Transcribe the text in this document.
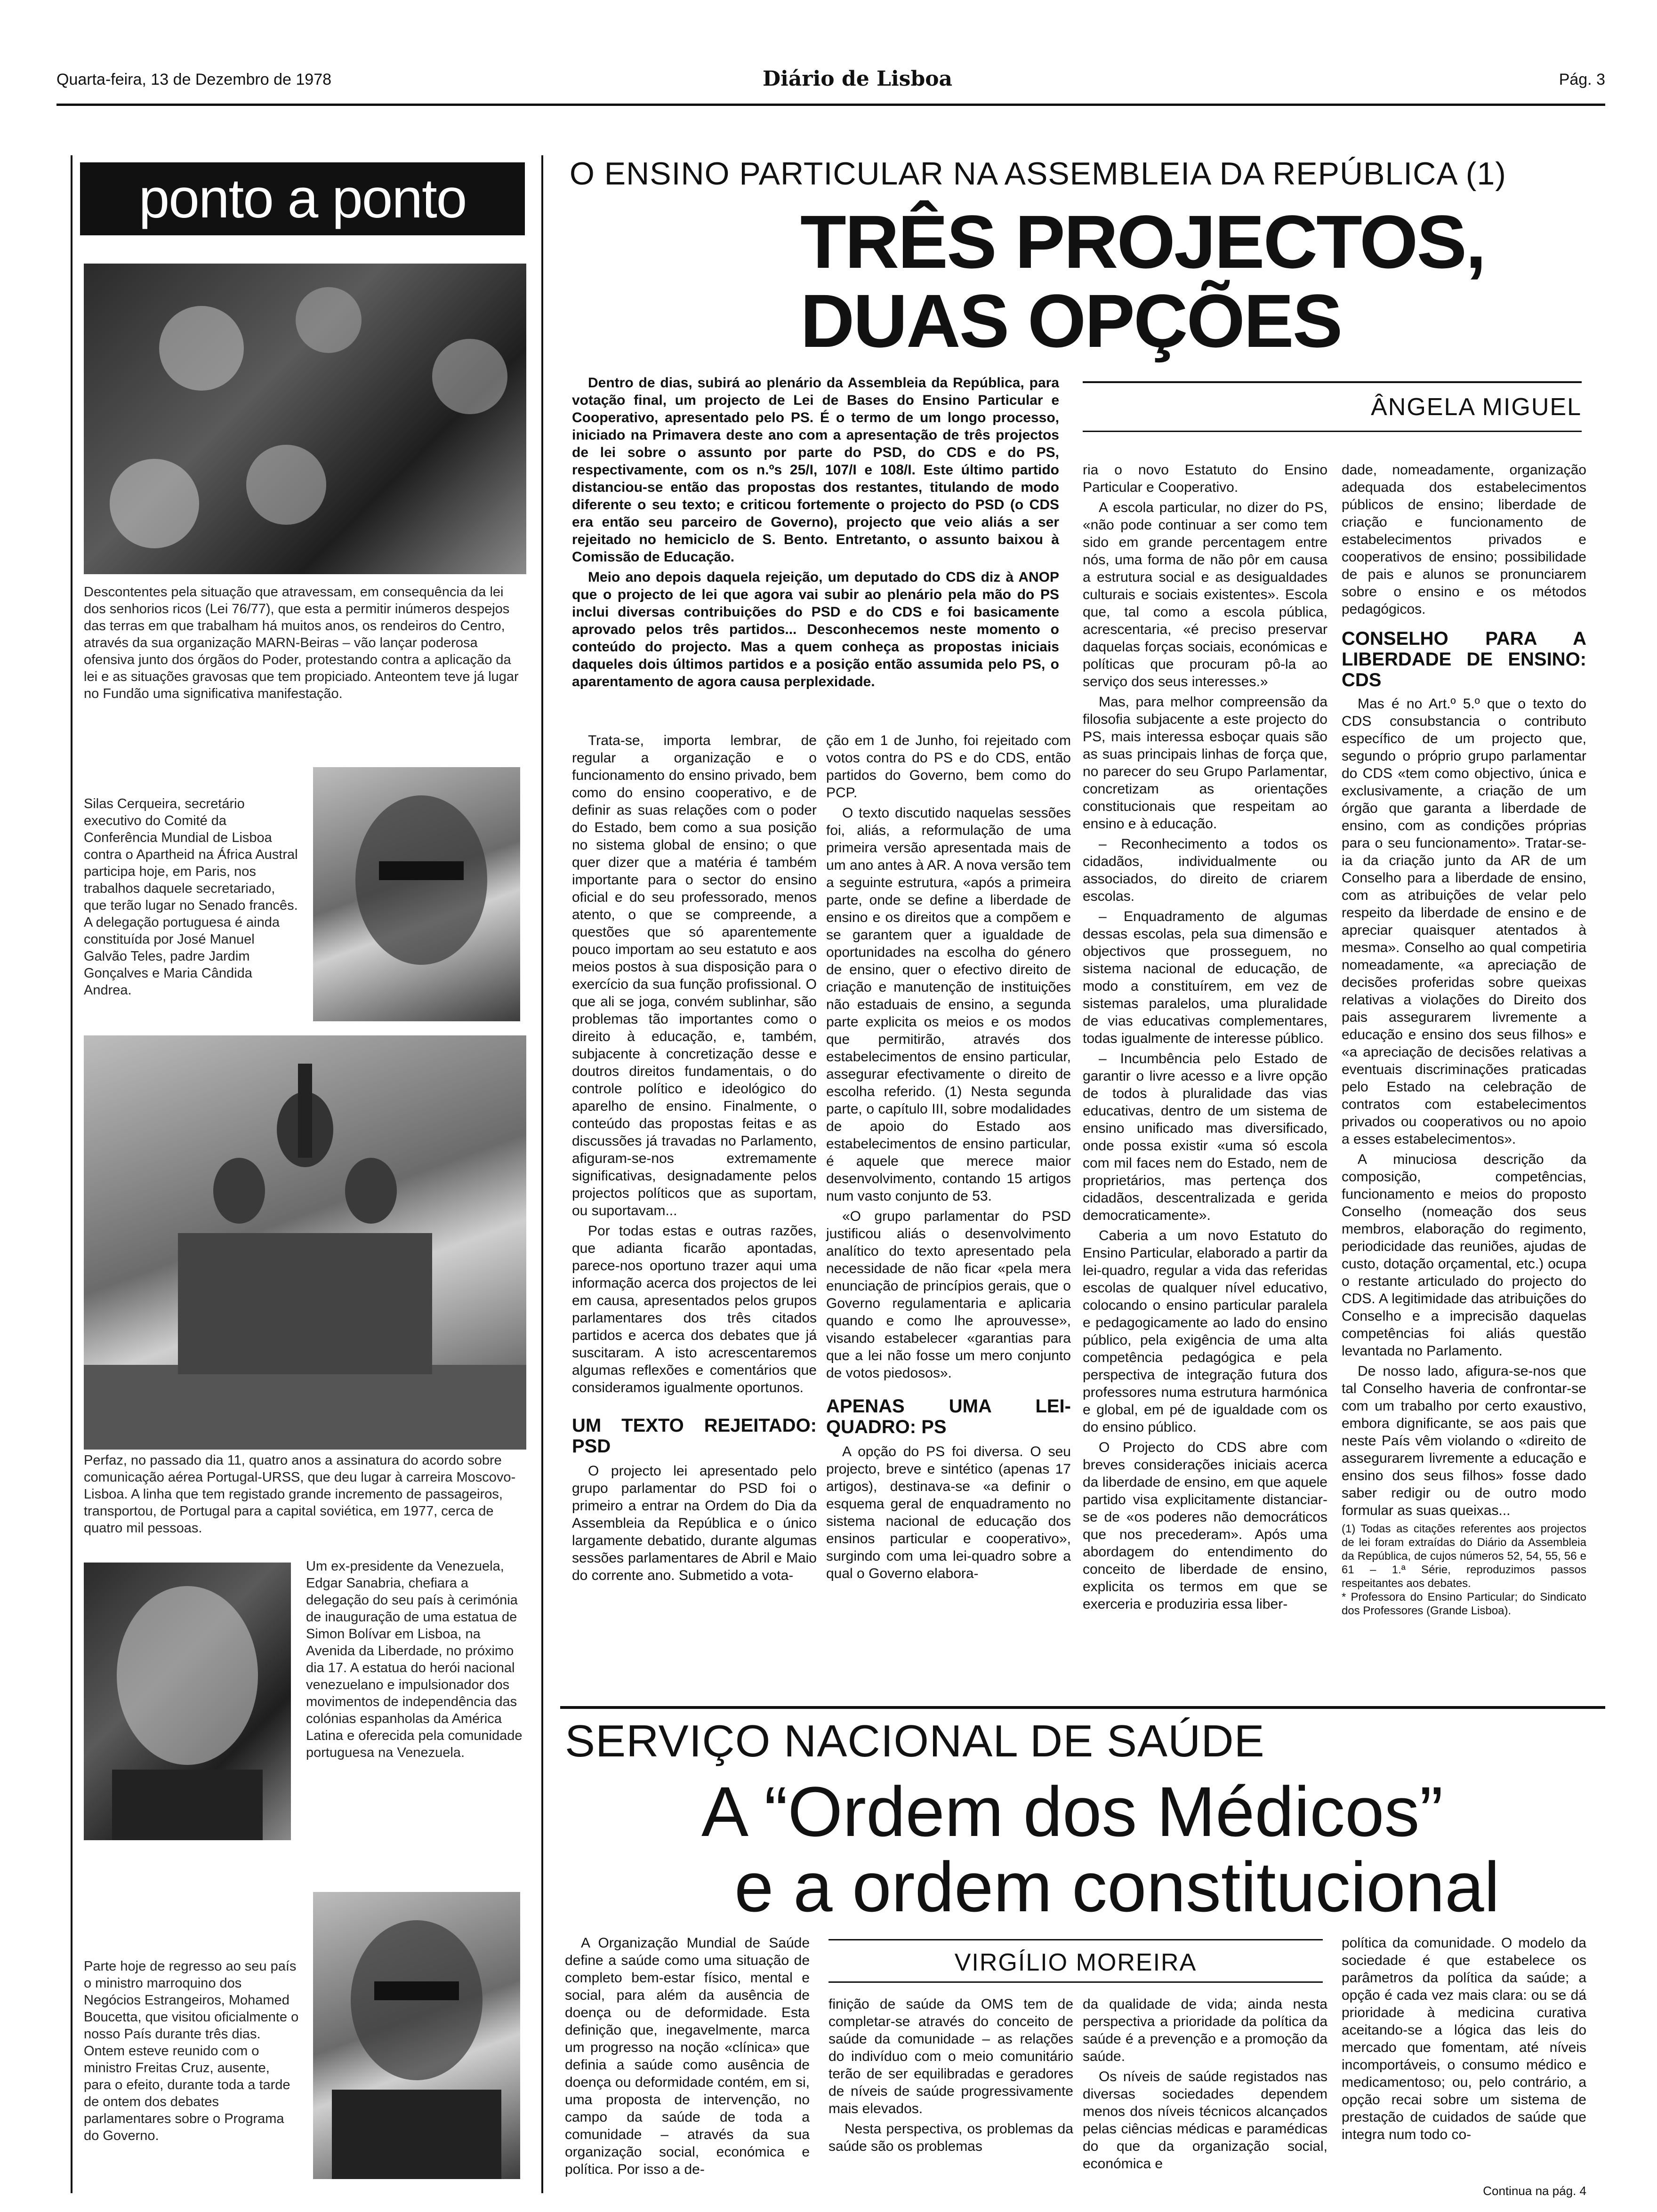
Quarta-feira, 13 de Dezembro de 1978	Diário de Lisboa	Pág. 3
ponto a ponto
Descontentes pela situação que atravessam, em consequência da lei dos senhorios ricos (Lei 76/77), que esta a permitir inúmeros despejos das terras em que trabalham há muitos anos, os rendeiros do Centro, através da sua organização MARN-Beiras – vão lançar poderosa ofensiva junto dos órgãos do Poder, protestando contra a aplicação da lei e as situações gravosas que tem propiciado. Anteontem teve já lugar no Fundão uma significativa manifestação.
Silas Cerqueira, secretário executivo do Comité da Conferência Mundial de Lisboa contra o Apartheid na África Austral participa hoje, em Paris, nos trabalhos daquele secretariado, que terão lugar no Senado francês. A delegação portuguesa é ainda constituída por José Manuel Galvão Teles, padre Jardim Gonçalves e Maria Cândida Andrea.
Perfaz, no passado dia 11, quatro anos a assinatura do acordo sobre comunicação aérea Portugal-URSS, que deu lugar à carreira Moscovo-Lisboa. A linha que tem registado grande incremento de passageiros, transportou, de Portugal para a capital soviética, em 1977, cerca de quatro mil pessoas.
Um ex-presidente da Venezuela, Edgar Sanabria, chefiara a delegação do seu país à cerimónia de inauguração de uma estatua de Simon Bolívar em Lisboa, na Avenida da Liberdade, no próximo dia 17. A estatua do herói nacional venezuelano e impulsionador dos movimentos de independência das colónias espanholas da América Latina e oferecida pela comunidade portuguesa na Venezuela.
Parte hoje de regresso ao seu país o ministro marroquino dos Negócios Estrangeiros, Mohamed Boucetta, que visitou oficialmente o nosso País durante três dias. Ontem esteve reunido com o ministro Freitas Cruz, ausente, para o efeito, durante toda a tarde de ontem dos debates parlamentares sobre o Programa do Governo.
O ENSINO PARTICULAR NA ASSEMBLEIA DA REPÚBLICA (1)
TRÊS PROJECTOS,
DUAS OPÇÕES

Dentro de dias, subirá ao plenário da Assembleia da República, para votação final, um projecto de Lei de Bases do Ensino Particular e Cooperativo, apresentado pelo PS. É o termo de um longo processo, iniciado na Primavera deste ano com a apresentação de três projectos de lei sobre o assunto por parte do PSD, do CDS e do PS, respectivamente, com os n.ºs 25/I, 107/I e 108/I. Este último partido distanciou-se então das propostas dos restantes, titulando de modo diferente o seu texto; e criticou fortemente o projecto do PSD (o CDS era então seu parceiro de Governo), projecto que veio aliás a ser rejeitado no hemiciclo de S. Bento. Entretanto, o assunto baixou à Comissão de Educação.

Meio ano depois daquela rejeição, um deputado do CDS diz à ANOP que o projecto de lei que agora vai subir ao plenário pela mão do PS inclui diversas contribuições do PSD e do CDS e foi basicamente aprovado pelos três partidos... Desconhecemos neste momento o conteúdo do projecto. Mas a quem conheça as propostas iniciais daqueles dois últimos partidos e a posição então assumida pelo PS, o aparentamento de agora causa perplexidade.

ÂNGELA MIGUEL

Trata-se, importa lembrar, de regular a organização e o funcionamento do ensino privado, bem como do ensino cooperativo, e de definir as suas relações com o poder do Estado, bem como a sua posição no sistema global de ensino; o que quer dizer que a matéria é também importante para o sector do ensino oficial e do seu professorado, menos atento, o que se compreende, a questões que só aparentemente pouco importam ao seu estatuto e aos meios postos à sua disposição para o exercício da sua função profissional. O que ali se joga, convém sublinhar, são problemas tão importantes como o direito à educação, e, também, subjacente à concretização desse e doutros direitos fundamentais, o do controle político e ideológico do aparelho de ensino. Finalmente, o conteúdo das propostas feitas e as discussões já travadas no Parlamento, afiguram-se-nos extremamente significativas, designadamente pelos projectos políticos que as suportam, ou suportavam...

Por todas estas e outras razões, que adianta ficarão apontadas, parece-nos oportuno trazer aqui uma informação acerca dos projectos de lei em causa, apresentados pelos grupos parlamentares dos três citados partidos e acerca dos debates que já suscitaram. A isto acrescentaremos algumas reflexões e comentários que consideramos igualmente oportunos.

UM TEXTO REJEITADO: PSD

O projecto lei apresentado pelo grupo parlamentar do PSD foi o primeiro a entrar na Ordem do Dia da Assembleia da República e o único largamente debatido, durante algumas sessões parlamentares de Abril e Maio do corrente ano. Submetido a vota-

ção em 1 de Junho, foi rejeitado com votos contra do PS e do CDS, então partidos do Governo, bem como do PCP.

O texto discutido naquelas sessões foi, aliás, a reformulação de uma primeira versão apresentada mais de um ano antes à AR. A nova versão tem a seguinte estrutura, «após a primeira parte, onde se define a liberdade de ensino e os direitos que a compõem e se garantem quer a igualdade de oportunidades na escolha do género de ensino, quer o efectivo direito de criação e manutenção de instituições não estaduais de ensino, a segunda parte explicita os meios e os modos que permitirão, através dos estabelecimentos de ensino particular, assegurar efectivamente o direito de escolha referido. (1) Nesta segunda parte, o capítulo III, sobre modalidades de apoio do Estado aos estabelecimentos de ensino particular, é aquele que merece maior desenvolvimento, contando 15 artigos num vasto conjunto de 53.

«O grupo parlamentar do PSD justificou aliás o desenvolvimento analítico do texto apresentado pela necessidade de não ficar «pela mera enunciação de princípios gerais, que o Governo regulamentaria e aplicaria quando e como lhe aprouvesse», visando estabelecer «garantias para que a lei não fosse um mero conjunto de votos piedosos».

APENAS UMA LEI-QUADRO: PS

A opção do PS foi diversa. O seu projecto, breve e sintético (apenas 17 artigos), destinava-se «a definir o esquema geral de enquadramento no sistema nacional de educação dos ensinos particular e cooperativo», surgindo com uma lei-quadro sobre a qual o Governo elabora-

ria o novo Estatuto do Ensino Particular e Cooperativo.

A escola particular, no dizer do PS, «não pode continuar a ser como tem sido em grande percentagem entre nós, uma forma de não pôr em causa a estrutura social e as desigualdades culturais e sociais existentes». Escola que, tal como a escola pública, acrescentaria, «é preciso preservar daquelas forças sociais, económicas e políticas que procuram pô-la ao serviço dos seus interesses.»

Mas, para melhor compreensão da filosofia subjacente a este projecto do PS, mais interessa esboçar quais são as suas principais linhas de força que, no parecer do seu Grupo Parlamentar, concretizam as orientações constitucionais que respeitam ao ensino e à educação.

– Reconhecimento a todos os cidadãos, individualmente ou associados, do direito de criarem escolas.

– Enquadramento de algumas dessas escolas, pela sua dimensão e objectivos que prosseguem, no sistema nacional de educação, de modo a constituírem, em vez de sistemas paralelos, uma pluralidade de vias educativas complementares, todas igualmente de interesse público.

– Incumbência pelo Estado de garantir o livre acesso e a livre opção de todos à pluralidade das vias educativas, dentro de um sistema de ensino unificado mas diversificado, onde possa existir «uma só escola com mil faces nem do Estado, nem de proprietários, mas pertença dos cidadãos, descentralizada e gerida democraticamente».

Caberia a um novo Estatuto do Ensino Particular, elaborado a partir da lei-quadro, regular a vida das referidas escolas de qualquer nível educativo, colocando o ensino particular paralela e pedagogicamente ao lado do ensino público, pela exigência de uma alta competência pedagógica e pela perspectiva de integração futura dos professores numa estrutura harmónica e global, em pé de igualdade com os do ensino público.

O Projecto do CDS abre com breves considerações iniciais acerca da liberdade de ensino, em que aquele partido visa explicitamente distanciar-se de «os poderes não democráticos que nos precederam». Após uma abordagem do entendimento do conceito de liberdade de ensino, explicita os termos em que se exerceria e produziria essa liber-

dade, nomeadamente, organização adequada dos estabelecimentos públicos de ensino; liberdade de criação e funcionamento de estabelecimentos privados e cooperativos de ensino; possibilidade de pais e alunos se pronunciarem sobre o ensino e os métodos pedagógicos.

CONSELHO PARA A LIBERDADE DE ENSINO: CDS

Mas é no Art.º 5.º que o texto do CDS consubstancia o contributo específico de um projecto que, segundo o próprio grupo parlamentar do CDS «tem como objectivo, única e exclusivamente, a criação de um órgão que garanta a liberdade de ensino, com as condições próprias para o seu funcionamento». Tratar-se-ia da criação junto da AR de um Conselho para a liberdade de ensino, com as atribuições de velar pelo respeito da liberdade de ensino e de apreciar quaisquer atentados à mesma». Conselho ao qual competiria nomeadamente, «a apreciação de decisões proferidas sobre queixas relativas a violações do Direito dos pais assegurarem livremente a educação e ensino dos seus filhos» e «a apreciação de decisões relativas a eventuais discriminações praticadas pelo Estado na celebração de contratos com estabelecimentos privados ou cooperativos ou no apoio a esses estabelecimentos».

A minuciosa descrição da composição, competências, funcionamento e meios do proposto Conselho (nomeação dos seus membros, elaboração do regimento, periodicidade das reuniões, ajudas de custo, dotação orçamental, etc.) ocupa o restante articulado do projecto do CDS. A legitimidade das atribuições do Conselho e a imprecisão daquelas competências foi aliás questão levantada no Parlamento.

De nosso lado, afigura-se-nos que tal Conselho haveria de confrontar-se com um trabalho por certo exaustivo, embora dignificante, se aos pais que neste País vêm violando o «direito de assegurarem livremente a educação e ensino dos seus filhos» fosse dado saber redigir ou de outro modo formular as suas queixas...

(1) Todas as citações referentes aos projectos de lei foram extraídas do Diário da Assembleia da República, de cujos números 52, 54, 55, 56 e 61 – 1.ª Série, reproduzimos passos respeitantes aos debates.
* Professora do Ensino Particular; do Sindicato dos Professores (Grande Lisboa).
SERVIÇO NACIONAL DE SAÚDE
A “Ordem dos Médicos”
e a ordem constitucional

A Organização Mundial de Saúde define a saúde como uma situação de completo bem-estar físico, mental e social, para além da ausência de doença ou de deformidade. Esta definição que, inegavelmente, marca um progresso na noção «clínica» que definia a saúde como ausência de doença ou deformidade contém, em si, uma proposta de intervenção, no campo da saúde de toda a comunidade – através da sua organização social, económica e política. Por isso a de-

VIRGÍLIO MOREIRA

finição de saúde da OMS tem de completar-se através do conceito de saúde da comunidade – as relações do indivíduo com o meio comunitário terão de ser equilibradas e geradores de níveis de saúde progressivamente mais elevados.

Nesta perspectiva, os problemas da saúde são os problemas

da qualidade de vida; ainda nesta perspectiva a prioridade da política da saúde é a prevenção e a promoção da saúde.

Os níveis de saúde registados nas diversas sociedades dependem menos dos níveis técnicos alcançados pelas ciências médicas e paramédicas do que da organização social, económica e

política da comunidade. O modelo da sociedade é que estabelece os parâmetros da política da saúde; a opção é cada vez mais clara: ou se dá prioridade à medicina curativa aceitando-se a lógica das leis do mercado que fomentam, até níveis incomportáveis, o consumo médico e medicamentoso; ou, pelo contrário, a opção recai sobre um sistema de prestação de cuidados de saúde que integra num todo co-

Continua na pág. 4
